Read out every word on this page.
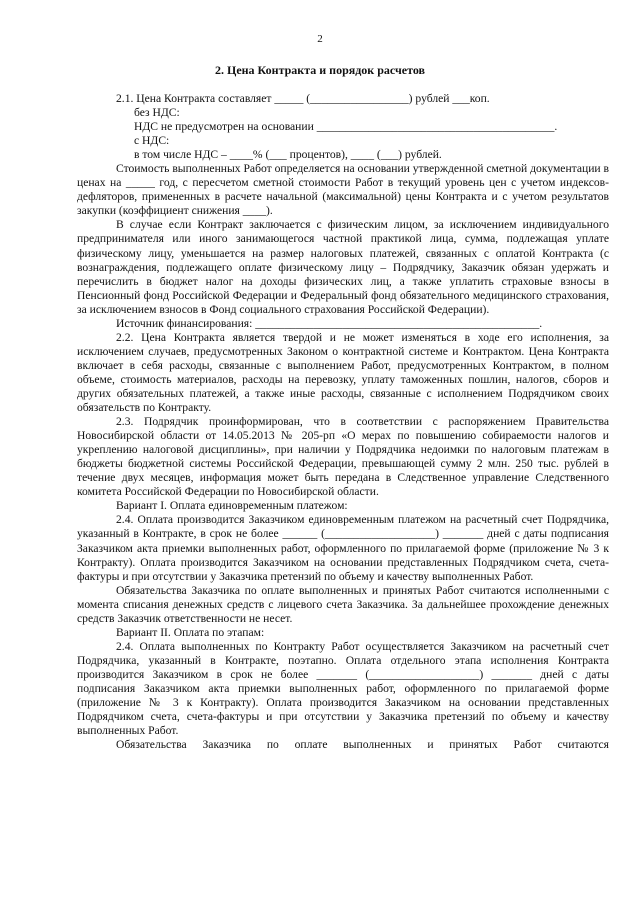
2
2. Цена Контракта и порядок расчетов

2.1. Цена Контракта составляет _____ (_________________) рублей ___коп.

без НДС:

НДС не предусмотрен на основании _________________________________________.

с НДС:

в том числе НДС – ____% (___ процентов), ____ (___) рублей.

Стоимость выполненных Работ определяется на основании утвержденной сметной документации в ценах на _____ год, с пересчетом сметной стоимости Работ в текущий уровень цен с учетом индексов-дефляторов, примененных в расчете начальной (максимальной) цены Контракта и с учетом результатов закупки (коэффициент снижения ____).

В случае если Контракт заключается с физическим лицом, за исключением индивидуального предпринимателя или иного занимающегося частной практикой лица, сумма, подлежащая уплате физическому лицу, уменьшается на размер налоговых платежей, связанных с оплатой Контракта (с вознаграждения, подлежащего оплате физическому лицу – Подрядчику, Заказчик обязан удержать и перечислить в бюджет налог на доходы физических лиц, а также уплатить страховые взносы в Пенсионный фонд Российской Федерации и Федеральный фонд обязательного медицинского страхования, за исключением взносов в Фонд социального страхования Российской Федерации).

Источник финансирования: _________________________________________________.

2.2. Цена Контракта является твердой и не может изменяться в ходе его исполнения, за исключением случаев, предусмотренных Законом о контрактной системе и Контрактом. Цена Контракта включает в себя расходы, связанные с выполнением Работ, предусмотренных Контрактом, в полном объеме, стоимость материалов, расходы на перевозку, уплату таможенных пошлин, налогов, сборов и других обязательных платежей, а также иные расходы, связанные с исполнением Подрядчиком своих обязательств по Контракту.

2.3. Подрядчик проинформирован, что в соответствии с распоряжением Правительства Новосибирской области от 14.05.2013 № 205-рп «О мерах по повышению собираемости налогов и укреплению налоговой дисциплины», при наличии у Подрядчика недоимки по налоговым платежам в бюджеты бюджетной системы Российской Федерации, превышающей сумму 2 млн. 250 тыс. рублей в течение двух месяцев, информация может быть передана в Следственное управление Следственного комитета Российской Федерации по Новосибирской области.

Вариант I. Оплата единовременным платежом:

2.4. Оплата производится Заказчиком единовременным платежом на расчетный счет Подрядчика, указанный в Контракте, в срок не более ______ (___________________) _______ дней с даты подписания Заказчиком акта приемки выполненных работ, оформленного по прилагаемой форме (приложение № 3 к Контракту). Оплата производится Заказчиком на основании представленных Подрядчиком счета, счета-фактуры и при отсутствии у Заказчика претензий по объему и качеству выполненных Работ.

Обязательства Заказчика по оплате выполненных и принятых Работ считаются исполненными с момента списания денежных средств с лицевого счета Заказчика. За дальнейшее прохождение денежных средств Заказчик ответственности не несет.

Вариант II. Оплата по этапам:

2.4. Оплата выполненных по Контракту Работ осуществляется Заказчиком на расчетный счет Подрядчика, указанный в Контракте, поэтапно. Оплата отдельного этапа исполнения Контракта производится Заказчиком в срок не более _______ (___________________) _______ дней с даты подписания Заказчиком акта приемки выполненных работ, оформленного по прилагаемой форме (приложение № 3 к Контракту). Оплата производится Заказчиком на основании представленных Подрядчиком счета, счета-фактуры и при отсутствии у Заказчика претензий по объему и качеству выполненных Работ.

Обязательства Заказчика по оплате выполненных и принятых Работ считаются
